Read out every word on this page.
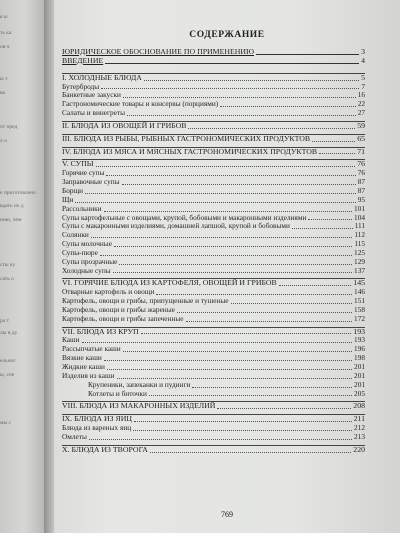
я ы
ть ка
ов ч
ы т
ва
от пред
х о
е приготовлено
вдать их д
нию, чем
сты ку
сать о
ра т
лы в ду
ельнос
ы, спе
мы с
СОДЕРЖАНИЕ
ЮРИДИЧЕСКОЕ ОБОСНОВАНИЕ ПО ПРИМЕНЕНИЮ	3
ВВЕДЕНИЕ	4
I. ХОЛОДНЫЕ БЛЮДА	5
Бутерброды	7
Банкетные закуски	16
Гастрономические товары и консервы (порциями)	22
Салаты и винегреты	27
II. БЛЮДА ИЗ ОВОЩЕЙ И ГРИБОВ	59
III. БЛЮДА ИЗ РЫБЫ, РЫБНЫХ ГАСТРОНОМИЧЕСКИХ ПРОДУКТОВ	65
IV. БЛЮДА ИЗ МЯСА И МЯСНЫХ ГАСТРОНОМИЧЕСКИХ ПРОДУКТОВ	71
V. СУПЫ	76
Горячие супы	76
Заправочные супы	87
Борщи	87
Щи	95
Рассольники	101
Супы картофельные с овощами, крупой, бобовыми и макаронными изделиями	104
Супы с макаронными изделиями, домашней лапшой, крупой и бобовыми	111
Солянки	112
Супы молочные	115
Супы-пюре	125
Супы прозрачные	129
Холодные супы	137
VI. ГОРЯЧИЕ БЛЮДА ИЗ КАРТОФЕЛЯ, ОВОЩЕЙ И ГРИБОВ	145
Отварные картофель и овощи	146
Картофель, овощи и грибы, припущенные и тушеные	151
Картофель, овощи и грибы жареные	158
Картофель, овощи и грибы запеченные	172
VII. БЛЮДА ИЗ КРУП	193
Каши	193
Рассыпчатые каши	196
Вязкие каши	198
Жидкие каши	201
Изделия из каши	201
Крупеники, запеканки и пудинги	201
Котлеты и биточки	205
VIII. БЛЮДА ИЗ МАКАРОННЫХ ИЗДЕЛИЙ	208
IX. БЛЮДА ИЗ ЯИЦ	211
Блюда из вареных яиц	212
Омлеты	213
X. БЛЮДА ИЗ ТВОРОГА	220
769
